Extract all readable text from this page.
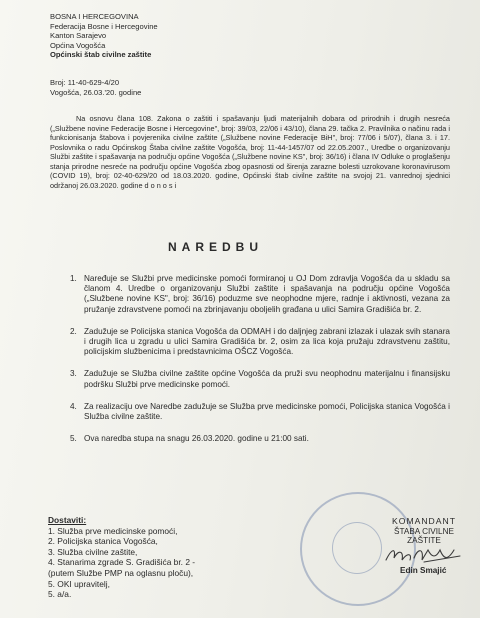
BOSNA I HERCEGOVINA
Federacija Bosne i Hercegovine
Kanton Sarajevo
Općina Vogošća
Općinski štab civilne zaštite
Broj: 11-40-629-4/20
Vogošća, 26.03.'20. godine
Na osnovu člana 108. Zakona o zaštiti i spašavanju ljudi materijalnih dobara od prirodnih i drugih nesreća („Službene novine Federacije Bosne i Hercegovine", broj: 39/03, 22/06 i 43/10), člana 29. tačka 2. Pravilnika o načinu rada i funkcionisanja štabova i povjerenika civilne zaštite („Službene novine Federacije BiH", broj: 77/06 i 5/07), člana 3. i 17. Poslovnika o radu Općinskog Štaba civilne zaštite Vogošća, broj: 11-44-1457/07 od 22.05.2007., Uredbe o organizovanju Službi zaštite i spašavanja na području općine Vogošća („Službene novine KS", broj: 36/16) i člana IV Odluke o proglašenju stanja prirodne nesreće na području općine Vogošća zbog opasnosti od širenja zarazne bolesti uzrokovane koronavirusom (COVID 19), broj: 02-40-629/20 od 18.03.2020. godine, Općinski štab civilne zaštite na svojoj 21. vanrednoj sjednici održanoj 26.03.2020. godine d o n o s i
NAREDBU
1. Naređuje se Službi prve medicinske pomoći formiranoj u OJ Dom zdravlja Vogošća da u skladu sa članom 4. Uredbe o organizovanju Službi zaštite i spašavanja na području općine Vogošća („Službene novine KS", broj: 36/16) poduzme sve neophodne mjere, radnje i aktivnosti, vezana za pružanje zdravstvene pomoći na zbrinjavanju oboljelih građana u ulici Samira Gradišića br. 2.
2. Zadužuje se Policijska stanica Vogošća da ODMAH i do daljnjeg zabrani izlazak i ulazak svih stanara i drugih lica u zgradu u ulici Samira Gradišića br. 2, osim za lica koja pružaju zdravstvenu zaštitu, policijskim službenicima i predstavnicima OŠCZ Vogošća.
3. Zadužuje se Služba civilne zaštite općine Vogošća da pruži svu neophodnu materijalnu i finansijsku podršku Službi prve medicinske pomoći.
4. Za realizaciju ove Naredbe zadužuje se Služba prve medicinske pomoći, Policijska stanica Vogošća i Služba civilne zaštite.
5. Ova naredba stupa na snagu 26.03.2020. godine u 21:00 sati.
Dostaviti:
1. Služba prve medicinske pomoći,
2. Policijska stanica Vogošća,
3. Služba civilne zaštite,
4. Stanarima zgrade S. Gradišića br. 2 -
(putem Službe PMP na oglasnu ploču),
5. OKI upravitelj,
5. a/a.
KOMANDANT
ŠTABA CIVILNE ZAŠTITE
Edin Smajić
